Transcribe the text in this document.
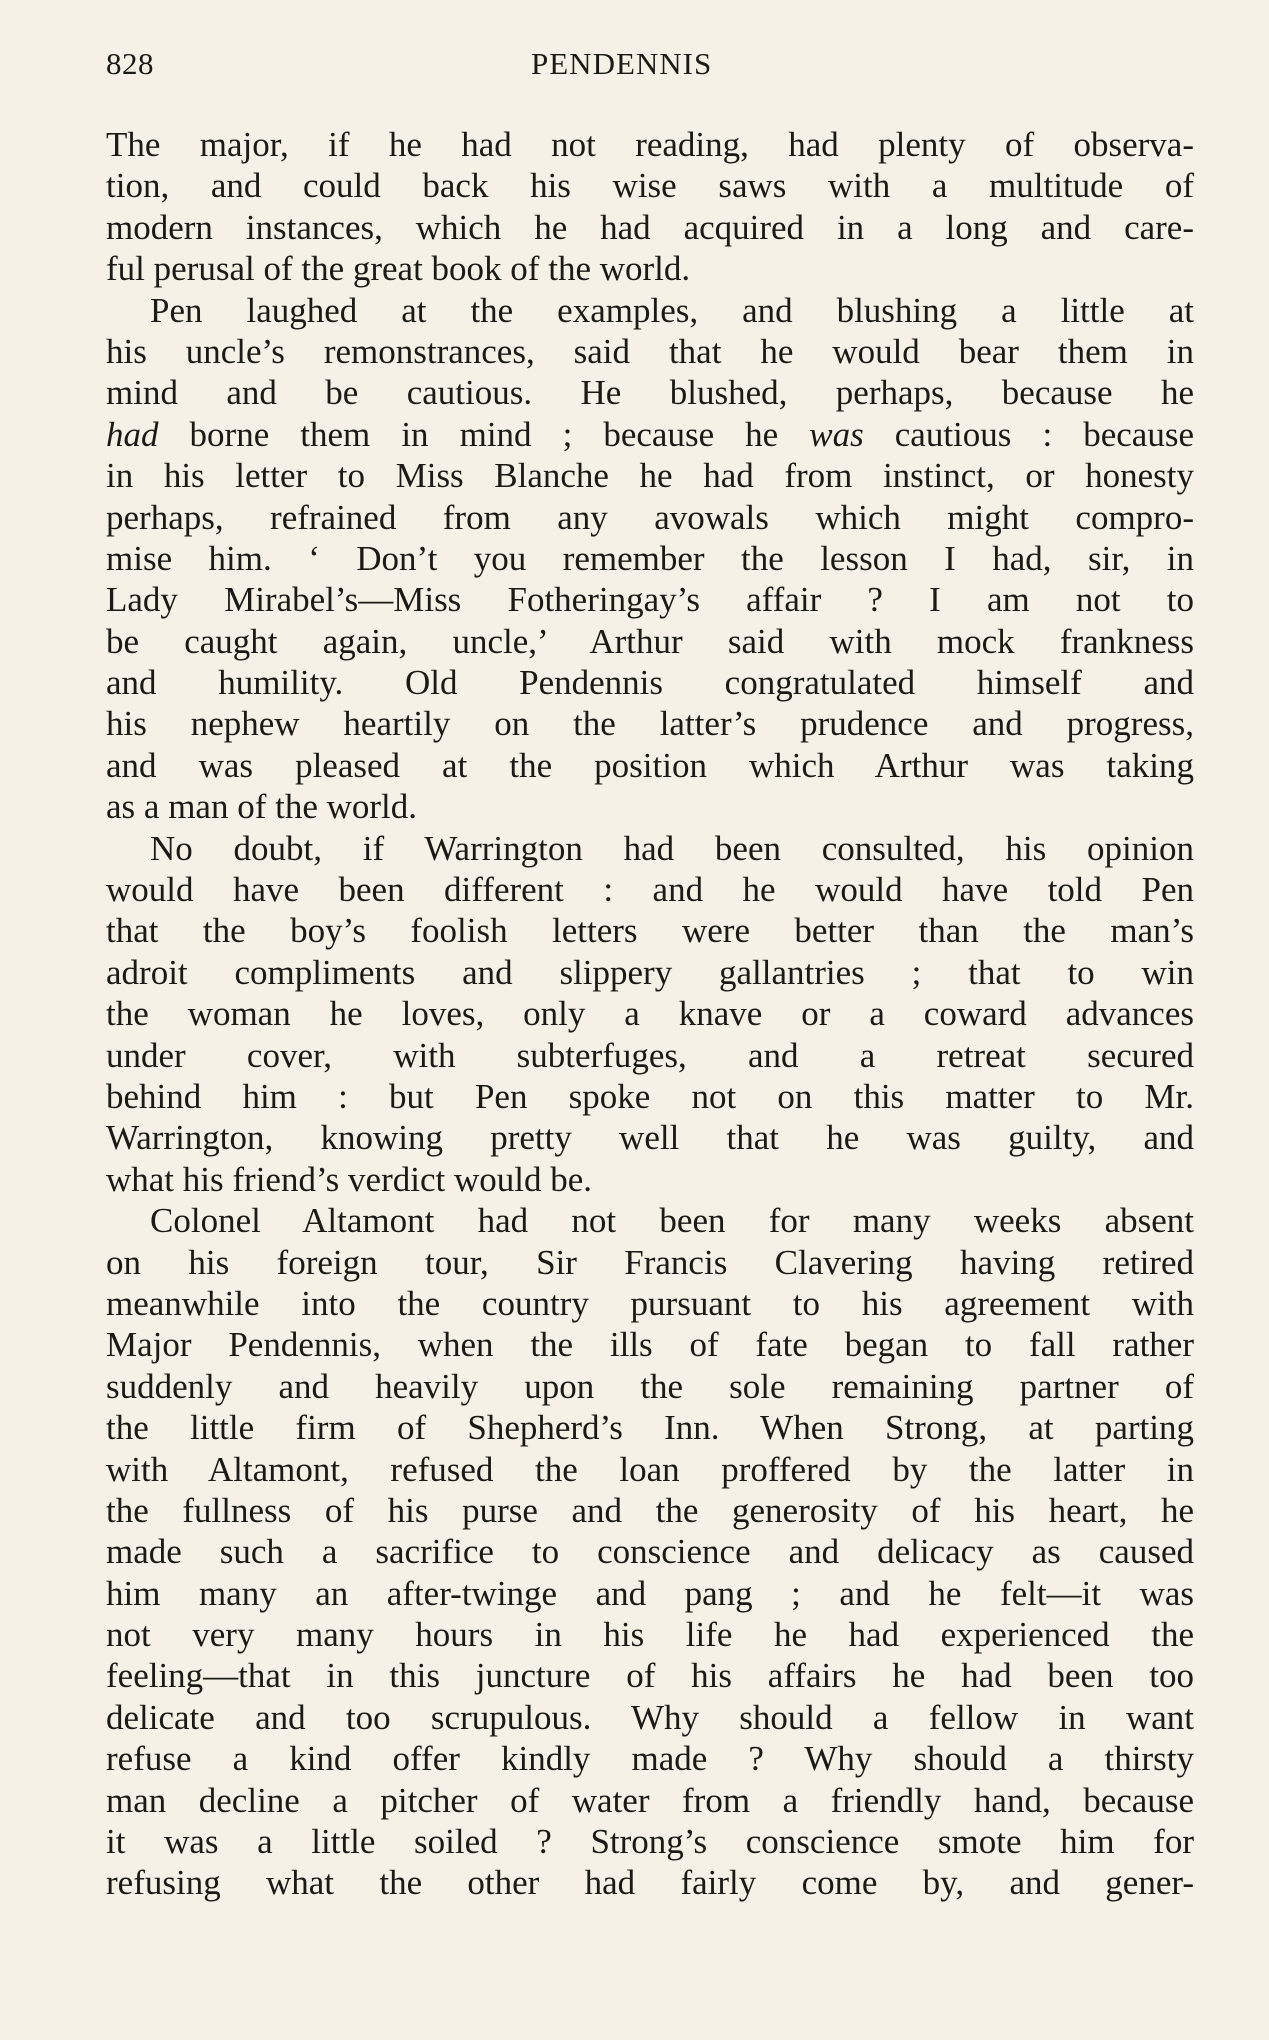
828	PENDENNIS
The major, if he had not reading, had plenty of observa-
tion, and could back his wise saws with a multitude of
modern instances, which he had acquired in a long and care-
ful perusal of the great book of the world.
Pen laughed at the examples, and blushing a little at
his uncle’s remonstrances, said that he would bear them in
mind and be cautious. He blushed, perhaps, because he
had borne them in mind ; because he was cautious : because
in his letter to Miss Blanche he had from instinct, or honesty
perhaps, refrained from any avowals which might compro-
mise him. ‘ Don’t you remember the lesson I had, sir, in
Lady Mirabel’s—Miss Fotheringay’s affair ? I am not to
be caught again, uncle,’ Arthur said with mock frankness
and humility. Old Pendennis congratulated himself and
his nephew heartily on the latter’s prudence and progress,
and was pleased at the position which Arthur was taking
as a man of the world.
No doubt, if Warrington had been consulted, his opinion
would have been different : and he would have told Pen
that the boy’s foolish letters were better than the man’s
adroit compliments and slippery gallantries ; that to win
the woman he loves, only a knave or a coward advances
under cover, with subterfuges, and a retreat secured
behind him : but Pen spoke not on this matter to Mr.
Warrington, knowing pretty well that he was guilty, and
what his friend’s verdict would be.
Colonel Altamont had not been for many weeks absent
on his foreign tour, Sir Francis Clavering having retired
meanwhile into the country pursuant to his agreement with
Major Pendennis, when the ills of fate began to fall rather
suddenly and heavily upon the sole remaining partner of
the little firm of Shepherd’s Inn. When Strong, at parting
with Altamont, refused the loan proffered by the latter in
the fullness of his purse and the generosity of his heart, he
made such a sacrifice to conscience and delicacy as caused
him many an after-twinge and pang ; and he felt—it was
not very many hours in his life he had experienced the
feeling—that in this juncture of his affairs he had been too
delicate and too scrupulous. Why should a fellow in want
refuse a kind offer kindly made ? Why should a thirsty
man decline a pitcher of water from a friendly hand, because
it was a little soiled ? Strong’s conscience smote him for
refusing what the other had fairly come by, and gener-
